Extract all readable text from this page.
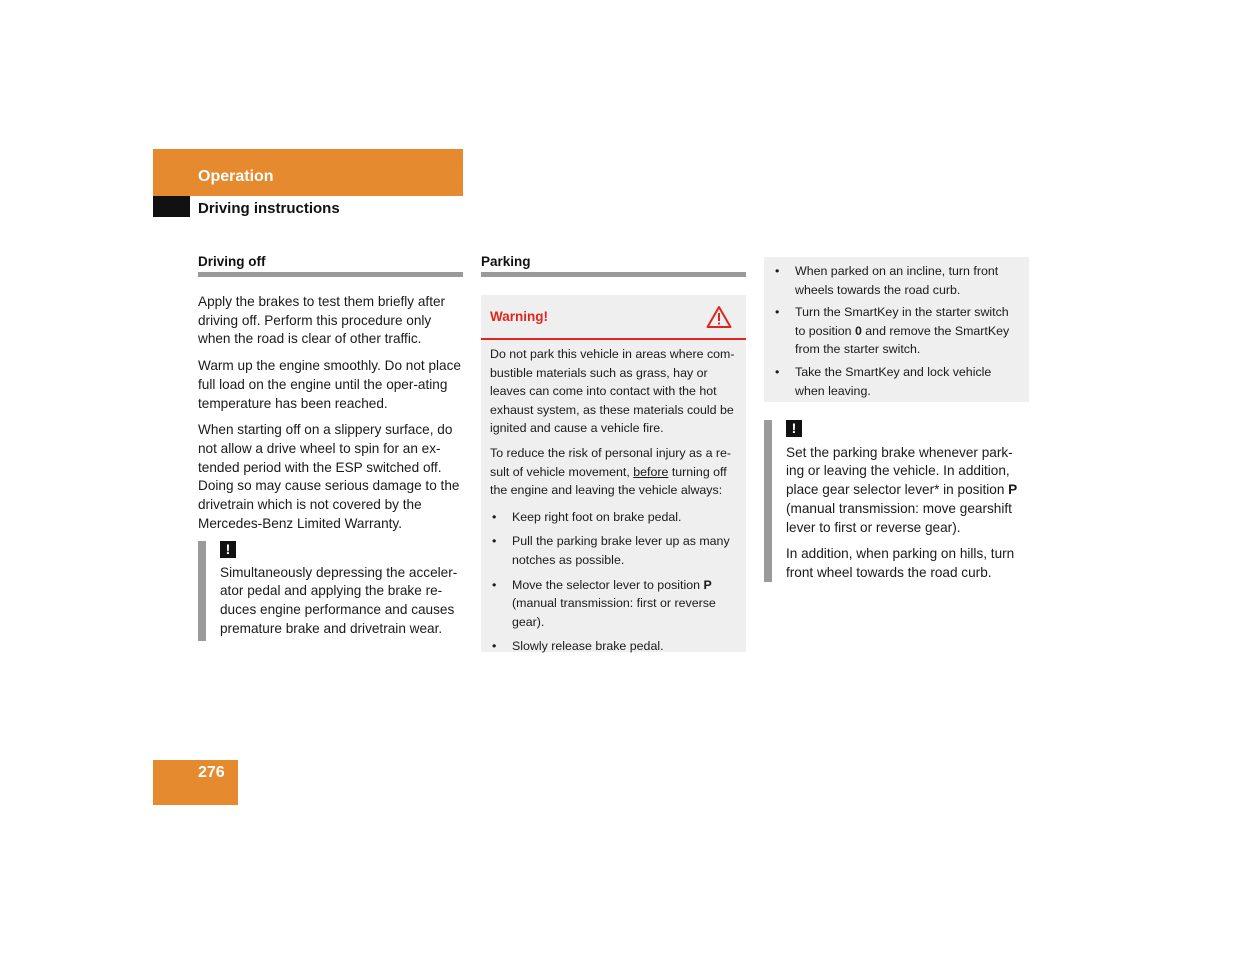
Operation
Driving instructions
Driving off

Apply the brakes to test them briefly after driving off. Perform this procedure only when the road is clear of other traffic.

Warm up the engine smoothly. Do not place full load on the engine until the oper-ating temperature has been reached.

When starting off on a slippery surface, do not allow a drive wheel to spin for an ex-tended period with the ESP switched off. Doing so may cause serious damage to the drivetrain which is not covered by the Mercedes-Benz Limited Warranty.

!
Simultaneously depressing the acceler-ator pedal and applying the brake re-duces engine performance and causes premature brake and drivetrain wear.
Parking
Warning!

Do not park this vehicle in areas where com-bustible materials such as grass, hay or leaves can come into contact with the hot exhaust system, as these materials could be ignited and cause a vehicle fire.

To reduce the risk of personal injury as a re-sult of vehicle movement, before turning off the engine and leaving the vehicle always:

• Keep right foot on brake pedal.
• Pull the parking brake lever up as many notches as possible.
• Move the selector lever to position P (manual transmission: first or reverse gear).
• Slowly release brake pedal.
• When parked on an incline, turn front wheels towards the road curb.
• Turn the SmartKey in the starter switch to position 0 and remove the SmartKey from the starter switch.
• Take the SmartKey and lock vehicle when leaving.
!

Set the parking brake whenever park-ing or leaving the vehicle. In addition, place gear selector lever* in position P (manual transmission: move gearshift lever to first or reverse gear).

In addition, when parking on hills, turn front wheel towards the road curb.

276
